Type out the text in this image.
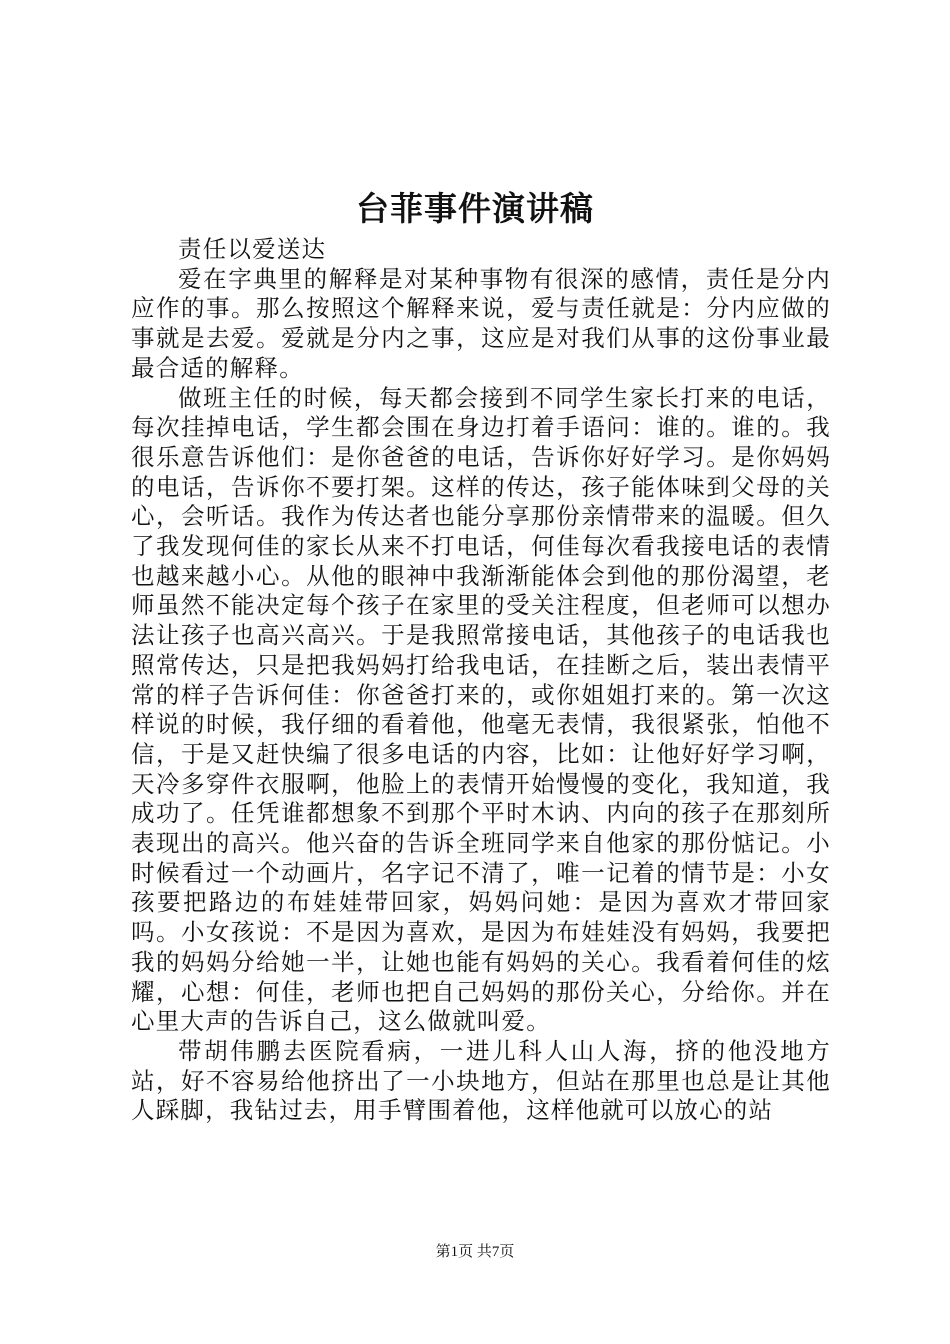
台菲事件演讲稿

责任以爱送达

爱在字典里的解释是对某种事物有很深的感情，责任是分内应作的事。那么按照这个解释来说，爱与责任就是：分内应做的事就是去爱。爱就是分内之事，这应是对我们从事的这份事业最最合适的解释。

做班主任的时候，每天都会接到不同学生家长打来的电话，每次挂掉电话，学生都会围在身边打着手语问：谁的。谁的。我很乐意告诉他们：是你爸爸的电话，告诉你好好学习。是你妈妈的电话，告诉你不要打架。这样的传达，孩子能体味到父母的关心，会听话。我作为传达者也能分享那份亲情带来的温暖。但久了我发现何佳的家长从来不打电话，何佳每次看我接电话的表情也越来越小心。从他的眼神中我渐渐能体会到他的那份渴望，老师虽然不能决定每个孩子在家里的受关注程度，但老师可以想办法让孩子也高兴高兴。于是我照常接电话，其他孩子的电话我也照常传达，只是把我妈妈打给我电话，在挂断之后，装出表情平常的样子告诉何佳：你爸爸打来的，或你姐姐打来的。第一次这样说的时候，我仔细的看着他，他毫无表情，我很紧张，怕他不信，于是又赶快编了很多电话的内容，比如：让他好好学习啊，天冷多穿件衣服啊，他脸上的表情开始慢慢的变化，我知道，我成功了。任凭谁都想象不到那个平时木讷、内向的孩子在那刻所表现出的高兴。他兴奋的告诉全班同学来自他家的那份惦记。小时候看过一个动画片，名字记不清了，唯一记着的情节是：小女孩要把路边的布娃娃带回家，妈妈问她：是因为喜欢才带回家吗。小女孩说：不是因为喜欢，是因为布娃娃没有妈妈，我要把我的妈妈分给她一半，让她也能有妈妈的关心。我看着何佳的炫耀，心想：何佳，老师也把自己妈妈的那份关心，分给你。并在心里大声的告诉自己，这么做就叫爱。

带胡伟鹏去医院看病，一进儿科人山人海，挤的他没地方站，好不容易给他挤出了一小块地方，但站在那里也总是让其他人踩脚，我钻过去，用手臂围着他，这样他就可以放心的站

第1页 共7页
